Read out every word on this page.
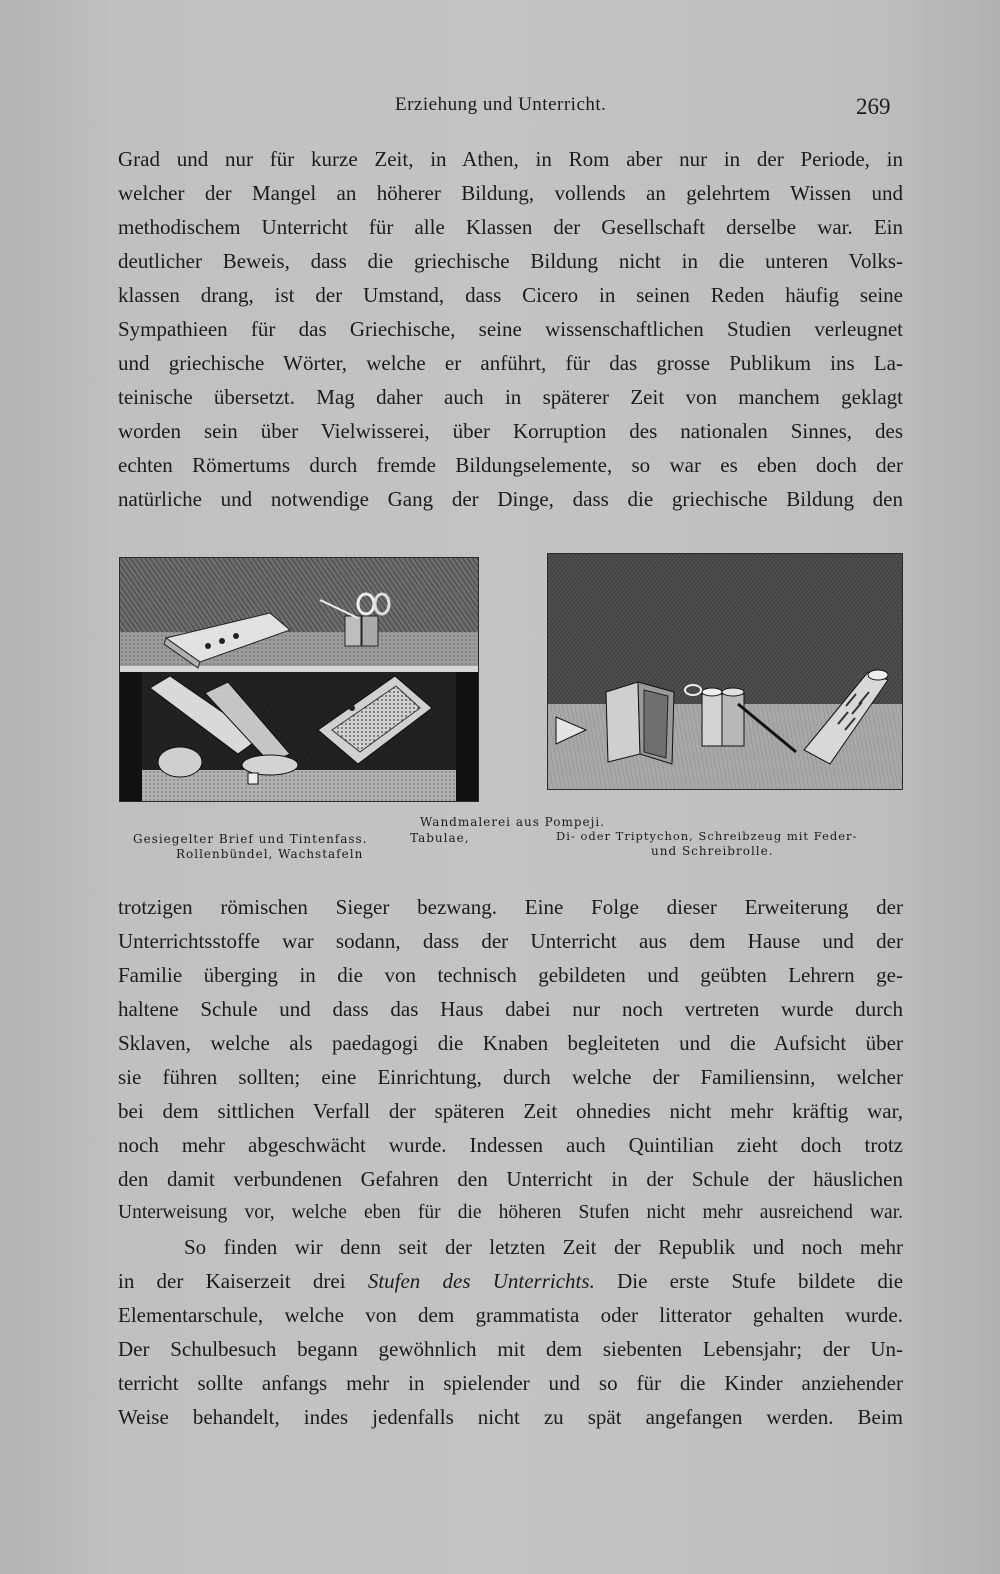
Erziehung und Unterricht.	269
Grad und nur für kurze Zeit, in Athen, in Rom aber nur in der Periode, in
welcher der Mangel an höherer Bildung, vollends an gelehrtem Wissen und
methodischem Unterricht für alle Klassen der Gesellschaft derselbe war. Ein
deutlicher Beweis, dass die griechische Bildung nicht in die unteren Volks-
klassen drang, ist der Umstand, dass Cicero in seinen Reden häufig seine
Sympathieen für das Griechische, seine wissenschaftlichen Studien verleugnet
und griechische Wörter, welche er anführt, für das grosse Publikum ins La-
teinische übersetzt. Mag daher auch in späterer Zeit von manchem geklagt
worden sein über Vielwisserei, über Korruption des nationalen Sinnes, des
echten Römertums durch fremde Bildungselemente, so war es eben doch der
natürliche und notwendige Gang der Dinge, dass die griechische Bildung den
Wandmalerei aus Pompeji.
Gesiegelter Brief und Tintenfass.
Rollenbündel, Wachstafeln
Tabulae,	Di- oder Triptychon, Schreibzeug mit Feder-
und Schreibrolle.
trotzigen römischen Sieger bezwang. Eine Folge dieser Erweiterung der
Unterrichtsstoffe war sodann, dass der Unterricht aus dem Hause und der
Familie überging in die von technisch gebildeten und geübten Lehrern ge-
haltene Schule und dass das Haus dabei nur noch vertreten wurde durch
Sklaven, welche als paedagogi die Knaben begleiteten und die Aufsicht über
sie führen sollten; eine Einrichtung, durch welche der Familiensinn, welcher
bei dem sittlichen Verfall der späteren Zeit ohnedies nicht mehr kräftig war,
noch mehr abgeschwächt wurde. Indessen auch Quintilian zieht doch trotz
den damit verbundenen Gefahren den Unterricht in der Schule der häuslichen
Unterweisung vor, welche eben für die höheren Stufen nicht mehr ausreichend war.
So finden wir denn seit der letzten Zeit der Republik und noch mehr
in der Kaiserzeit drei Stufen des Unterrichts. Die erste Stufe bildete die
Elementarschule, welche von dem grammatista oder litterator gehalten wurde.
Der Schulbesuch begann gewöhnlich mit dem siebenten Lebensjahr; der Un-
terricht sollte anfangs mehr in spielender und so für die Kinder anziehender
Weise behandelt, indes jedenfalls nicht zu spät angefangen werden. Beim
